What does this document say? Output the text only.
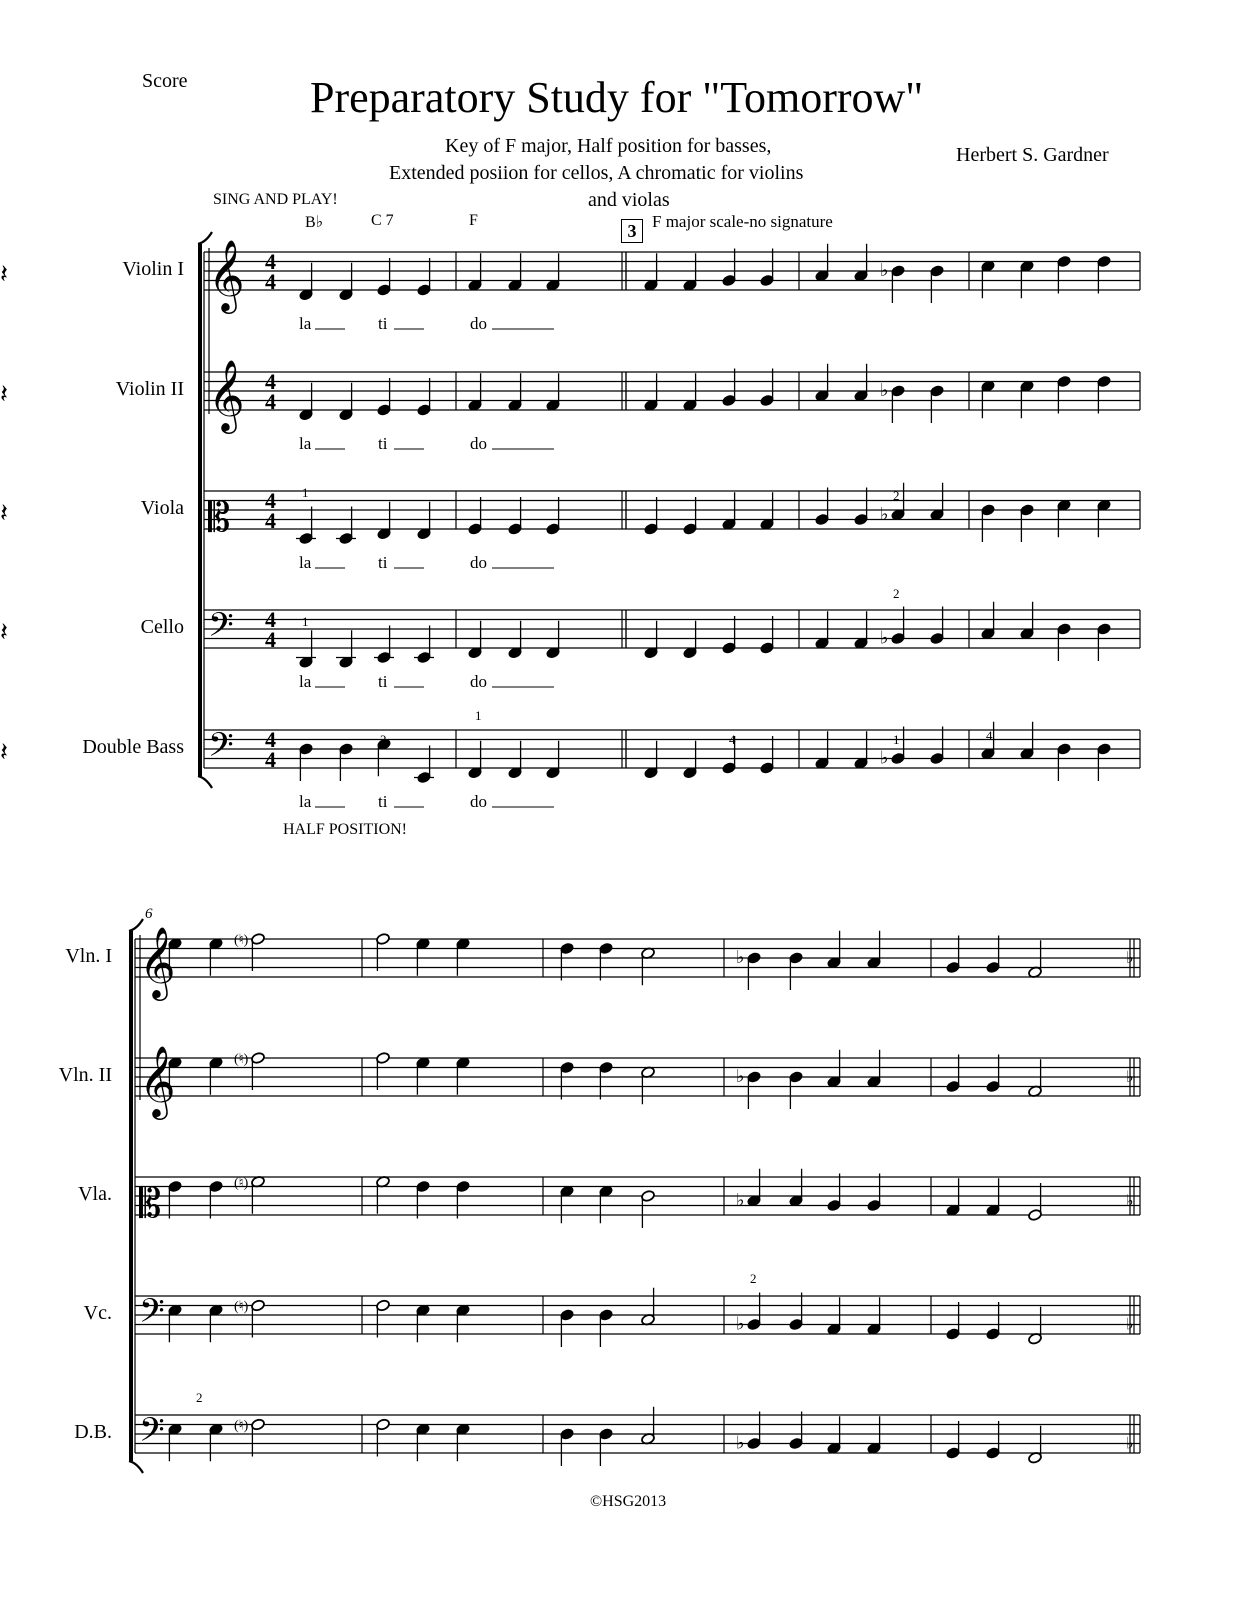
Score	Preparatory Study for "Tomorrow"
Key of F major, Half position for basses,
Extended posiion for cellos, A chromatic for violins
and violas
Herbert S. Gardner
©HSG2013
SING AND PLAY!
B♭	C 7	F
3 F major scale-no signature
HALF POSITION!
Violin I
Violin II
Viola
Cello
Double Bass
Vln. I
Vln. II
Vla.
Vc.
D.B.
𝄽	♭
𝄽	♭
𝄽	♭
𝄽	♭
𝄽	♭
(♮)
♭
(♮)
♭
(♮)
♭
(♮)
♭
(♮)
♭
𝄞 4
4
𝄞 4
4
𝄡 4
4
𝄢 4
4
𝄢 4
4
𝄞	♭
𝄞	♭
𝄡	♭
𝄢	♭
𝄢	♭
6
la	ti	do
la	ti	do
la	ti	do
la	ti	do
la	ti	do
1	2
1
2
2
1
4	1	4
2
2
